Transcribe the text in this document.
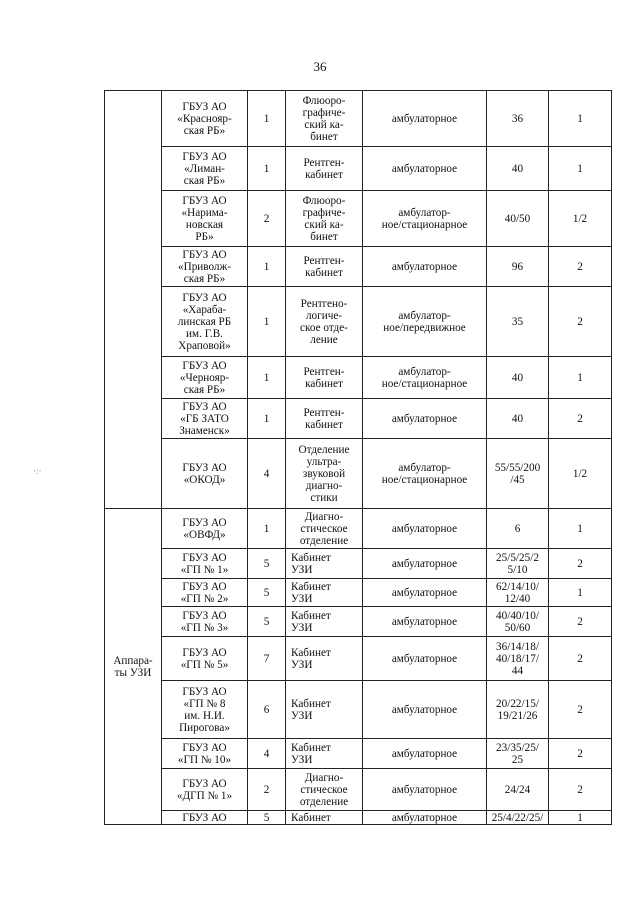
36
	ГБУЗ АО
«Краснояр-
ская РБ»	1	Флюоро-
графиче-
ский ка-
бинет	амбулаторное	36	1
	ГБУЗ АО
«Лиман-
ская РБ»	1	Рентген-
кабинет	амбулаторное	40	1
	ГБУЗ АО
«Нарима-
новская
РБ»	2	Флюоро-
графиче-
ский ка-
бинет	амбулатор-
ное/стационарное	40/50	1/2
	ГБУЗ АО
«Приволж-
ская РБ»	1	Рентген-
кабинет	амбулаторное	96	2
	ГБУЗ АО
«Хараба-
линская РБ
им. Г.В.
Храповой»	1	Рентгено-
логиче-
ское отде-
ление	амбулатор-
ное/передвижное	35	2
	ГБУЗ АО
«Чернояр-
ская РБ»	1	Рентген-
кабинет	амбулатор-
ное/стационарное	40	1
	ГБУЗ АО
«ГБ ЗАТО
Знаменск»	1	Рентген-
кабинет	амбулаторное	40	2
	ГБУЗ АО
«ОКОД»	4	Отделение
ультра-
звуковой
диагно-
стики	амбулатор-
ное/стационарное	55/55/200
/45	1/2
Аппара-
ты УЗИ	ГБУЗ АО
«ОВФД»	1	Диагно-
стическое
отделение	амбулаторное	6	1
	ГБУЗ АО
«ГП № 1»	5	Кабинет
УЗИ	амбулаторное	25/5/25/2
5/10	2
	ГБУЗ АО
«ГП № 2»	5	Кабинет
УЗИ	амбулаторное	62/14/10/
12/40	1
	ГБУЗ АО
«ГП № 3»	5	Кабинет
УЗИ	амбулаторное	40/40/10/
50/60	2
	ГБУЗ АО
«ГП № 5»	7	Кабинет
УЗИ	амбулаторное	36/14/18/
40/18/17/
44	2
	ГБУЗ АО
«ГП № 8
им. Н.И.
Пирогова»	6	Кабинет
УЗИ	амбулаторное	20/22/15/
19/21/26	2
	ГБУЗ АО
«ГП № 10»	4	Кабинет
УЗИ	амбулаторное	23/35/25/
25	2
	ГБУЗ АО
«ДГП № 1»	2	Диагно-
стическое
отделение	амбулаторное	24/24	2
	ГБУЗ АО	5	Кабинет	амбулаторное	25/4/22/25/	1
·:·
